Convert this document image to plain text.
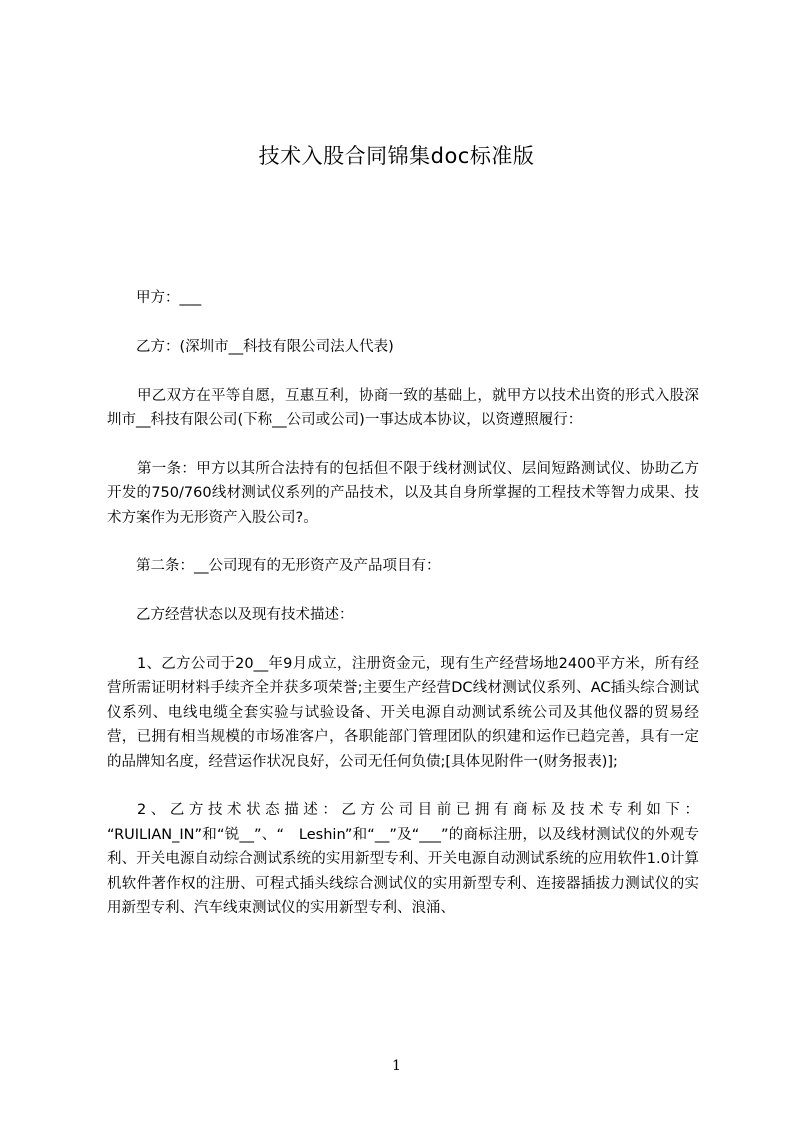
技术入股合同锦集doc标准版

甲方：___

乙方：(深圳市__科技有限公司法人代表)

甲乙双方在平等自愿，互惠互利，协商一致的基础上，就甲方以技术出资的形式入股深圳市__科技有限公司(下称__公司或公司)一事达成本协议，以资遵照履行：

第一条：甲方以其所合法持有的包括但不限于线材测试仪、层间短路测试仪、协助乙方开发的750/760线材测试仪系列的产品技术，以及其自身所掌握的工程技术等智力成果、技术方案作为无形资产入股公司?。

第二条：__公司现有的无形资产及产品项目有：

乙方经营状态以及现有技术描述：

1、乙方公司于20__年9月成立，注册资金元，现有生产经营场地2400平方米，所有经营所需证明材料手续齐全并获多项荣誉;主要生产经营DC线材测试仪系列、AC插头综合测试仪系列、电线电缆全套实验与试验设备、开关电源自动测试系统公司及其他仪器的贸易经营，已拥有相当规模的市场准客户，各职能部门管理团队的织建和运作已趋完善，具有一定的品牌知名度，经营运作状况良好，公司无任何负债;[具体见附件一(财务报表)];

2、乙方技术状态描述：乙方公司目前已拥有商标及技术专利如下：

“RUILIAN_IN”和“锐__”、“　Leshin”和“__”及“___”的商标注册，以及线材测试仪的外观专利、开关电源自动综合测试系统的实用新型专利、开关电源自动测试系统的应用软件1.0计算机软件著作权的注册、可程式插头线综合测试仪的实用新型专利、连接器插拔力测试仪的实用新型专利、汽车线束测试仪的实用新型专利、浪涌、

1
